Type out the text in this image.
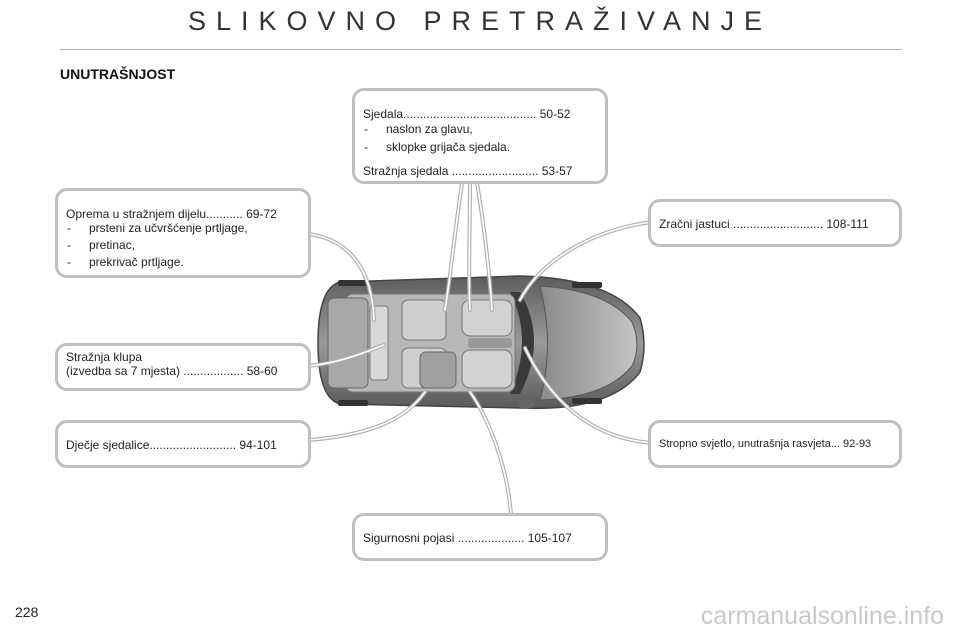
SLIKOVNO PRETRAŽIVANJE
UNUTRAŠNJOST
Sjedala........................................ 50-52
- naslon za glavu,
- sklopke grijača sjedala.
Stražnja sjedala .......................... 53-57
Oprema u stražnjem dijelu........... 69-72
- prsteni za učvršćenje prtljage,
- pretinac,
- prekrivač prtljage.
Zračni jastuci ........................... 108-111
Stražnja klupa
(izvedba sa 7 mjesta) .................. 58-60
Dječje sjedalice.......................... 94-101	Stropno svjetlo, unutrašnja rasvjeta... 92-93
Sigurnosni pojasi .................... 105-107
228	carmanualsonline.info
